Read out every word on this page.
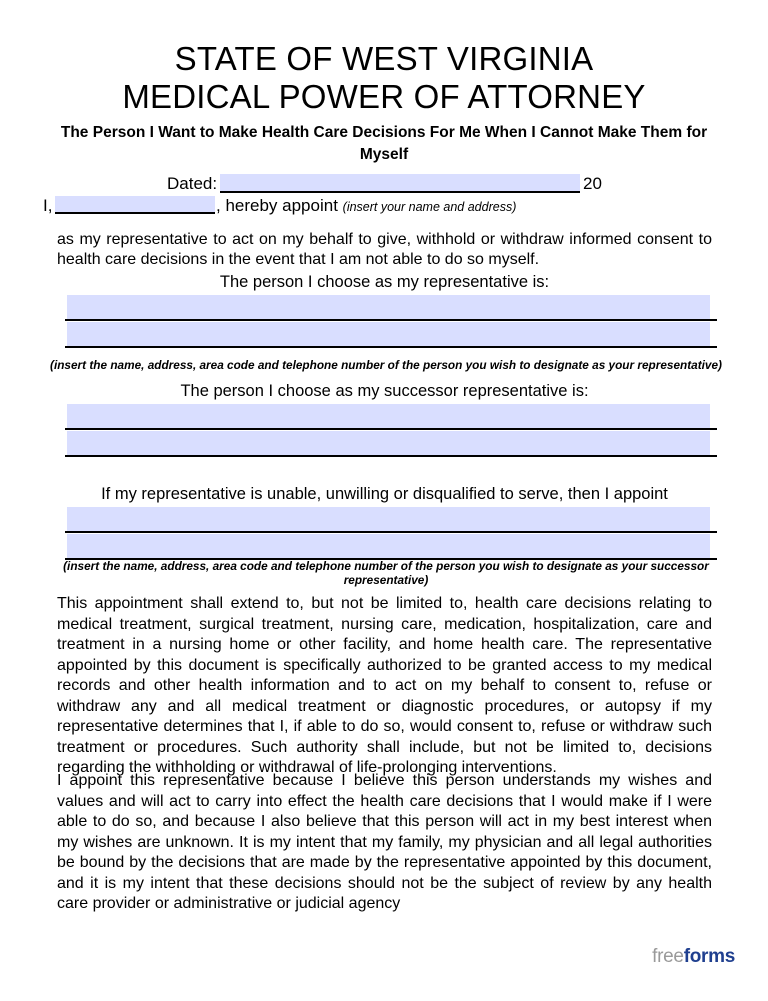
STATE OF WEST VIRGINIA
MEDICAL POWER OF ATTORNEY
The Person I Want to Make Health Care Decisions For Me When I Cannot Make Them for Myself
Dated:	20
I,	, hereby appoint (insert your name and address)
as my representative to act on my behalf to give, withhold or withdraw informed consent to health care decisions in the event that I am not able to do so myself.
The person I choose as my representative is:
(insert the name, address, area code and telephone number of the person you wish to designate as your representative)
The person I choose as my successor representative is:
If my representative is unable, unwilling or disqualified to serve, then I appoint
(insert the name, address, area code and telephone number of the person you wish to designate as your successor representative)
This appointment shall extend to, but not be limited to, health care decisions relating to medical treatment, surgical treatment, nursing care, medication, hospitalization, care and treatment in a nursing home or other facility, and home health care. The representative appointed by this document is specifically authorized to be granted access to my medical records and other health information and to act on my behalf to consent to, refuse or withdraw any and all medical treatment or diagnostic procedures, or autopsy if my representative determines that I, if able to do so, would consent to, refuse or withdraw such treatment or procedures. Such authority shall include, but not be limited to, decisions regarding the withholding or withdrawal of life-prolonging interventions.
I appoint this representative because I believe this person understands my wishes and values and will act to carry into effect the health care decisions that I would make if I were able to do so, and because I also believe that this person will act in my best interest when my wishes are unknown. It is my intent that my family, my physician and all legal authorities be bound by the decisions that are made by the representative appointed by this document, and it is my intent that these decisions should not be the subject of review by any health care provider or administrative or judicial agency
freeforms
